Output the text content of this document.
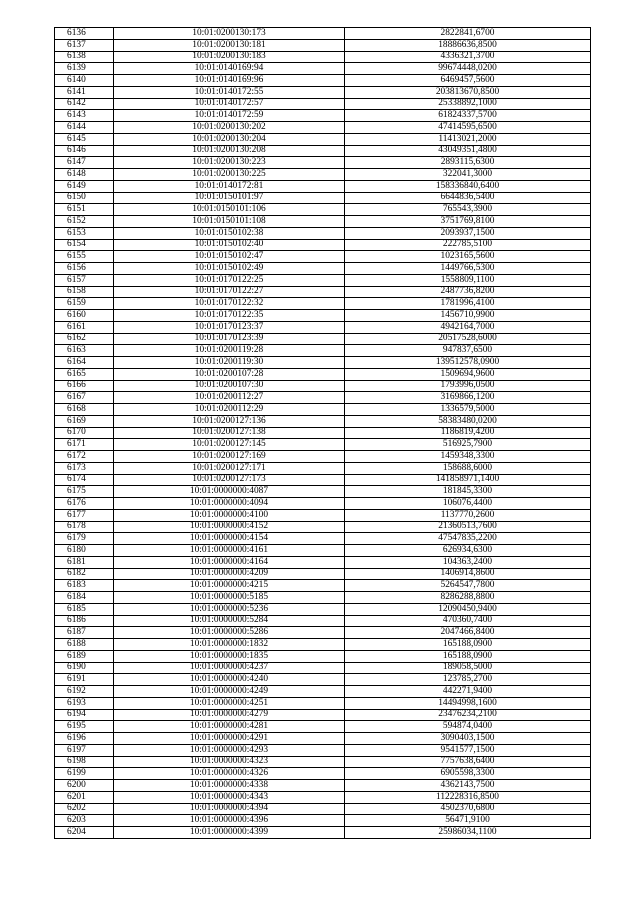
6136	10:01:0200130:173	2822841,6700
6137	10:01:0200130:181	18886636,8500
6138	10:01:0200130:183	4336321,3700
6139	10:01:0140169:94	99674448,0200
6140	10:01:0140169:96	6469457,5600
6141	10:01:0140172:55	203813670,8500
6142	10:01:0140172:57	25338892,1000
6143	10:01:0140172:59	61824337,5700
6144	10:01:0200130:202	47414595,6500
6145	10:01:0200130:204	11413021,2000
6146	10:01:0200130:208	43049351,4800
6147	10:01:0200130:223	2893115,6300
6148	10:01:0200130:225	322041,3000
6149	10:01:0140172:81	158336840,6400
6150	10:01:0150101:97	6644836,5400
6151	10:01:0150101:106	765543,3900
6152	10:01:0150101:108	3751769,8100
6153	10:01:0150102:38	2093937,1500
6154	10:01:0150102:40	222785,5100
6155	10:01:0150102:47	1023165,5600
6156	10:01:0150102:49	1449766,5300
6157	10:01:0170122:25	1558809,1100
6158	10:01:0170122:27	2487736,8200
6159	10:01:0170122:32	1781996,4100
6160	10:01:0170122:35	1456710,9900
6161	10:01:0170123:37	4942164,7000
6162	10:01:0170123:39	20517528,6000
6163	10:01:0200119:28	947837,6500
6164	10:01:0200119:30	139512578,0900
6165	10:01:0200107:28	1509694,9600
6166	10:01:0200107:30	1793996,0500
6167	10:01:0200112:27	3169866,1200
6168	10:01:0200112:29	1336579,5000
6169	10:01:0200127:136	58383480,0200
6170	10:01:0200127:138	1186819,4200
6171	10:01:0200127:145	516925,7900
6172	10:01:0200127:169	1459348,3300
6173	10:01:0200127:171	158688,6000
6174	10:01:0200127:173	141858971,1400
6175	10:01:0000000:4087	181845,3300
6176	10:01:0000000:4094	106076,4400
6177	10:01:0000000:4100	1137770,2600
6178	10:01:0000000:4152	21360513,7600
6179	10:01:0000000:4154	47547835,2200
6180	10:01:0000000:4161	626934,6300
6181	10:01:0000000:4164	104363,2400
6182	10:01:0000000:4209	1406914,8600
6183	10:01:0000000:4215	5264547,7800
6184	10:01:0000000:5185	8286288,8800
6185	10:01:0000000:5236	12090450,9400
6186	10:01:0000000:5284	470360,7400
6187	10:01:0000000:5286	2047466,8400
6188	10:01:0000000:1832	165188,0900
6189	10:01:0000000:1835	165188,0900
6190	10:01:0000000:4237	189058,5000
6191	10:01:0000000:4240	123785,2700
6192	10:01:0000000:4249	442271,9400
6193	10:01:0000000:4251	14494998,1600
6194	10:01:0000000:4279	23476234,2100
6195	10:01:0000000:4281	594874,0400
6196	10:01:0000000:4291	3090403,1500
6197	10:01:0000000:4293	9541577,1500
6198	10:01:0000000:4323	7757638,6400
6199	10:01:0000000:4326	6905598,3300
6200	10:01:0000000:4338	4362143,7500
6201	10:01:0000000:4343	112228316,8500
6202	10:01:0000000:4394	4502370,6800
6203	10:01:0000000:4396	56471,9100
6204	10:01:0000000:4399	25986034,1100
